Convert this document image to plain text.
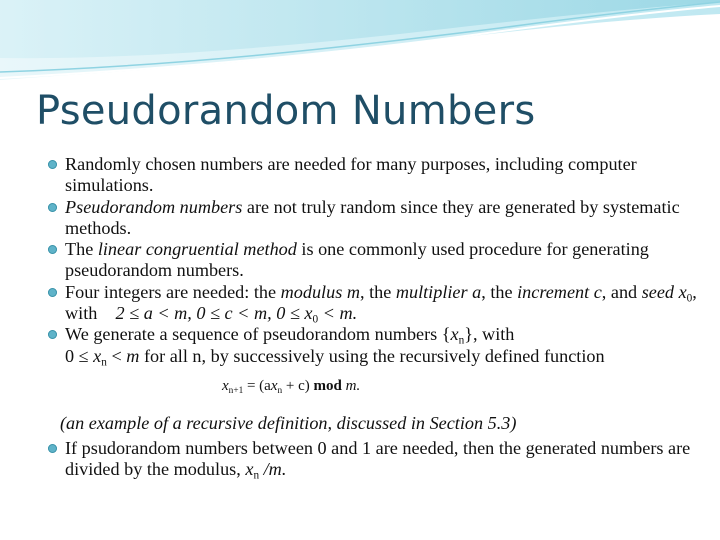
Pseudorandom Numbers
Randomly chosen numbers are needed for many purposes, including computer simulations.
Pseudorandom numbers are not truly random since they are generated by systematic methods.
The linear congruential method is one commonly used procedure for generating pseudorandom numbers.
Four integers are needed: the modulus m, the multiplier a, the increment c, and seed $x_0$, with    2 ≤ a < m, 0 ≤ c < m, $0 \le x_0 < m$.
We generate a sequence of pseudorandom numbers $\{x_n\}$, with
$0 \le x_n < m$ for all n, by successively using the recursively defined function
$x_{n+1} = (ax_n + c)$ mod m.
(an example of a recursive definition, discussed in Section 5.3)
If psudorandom numbers between 0 and 1 are needed, then the generated numbers are divided by the modulus, $x_n$ /m.
